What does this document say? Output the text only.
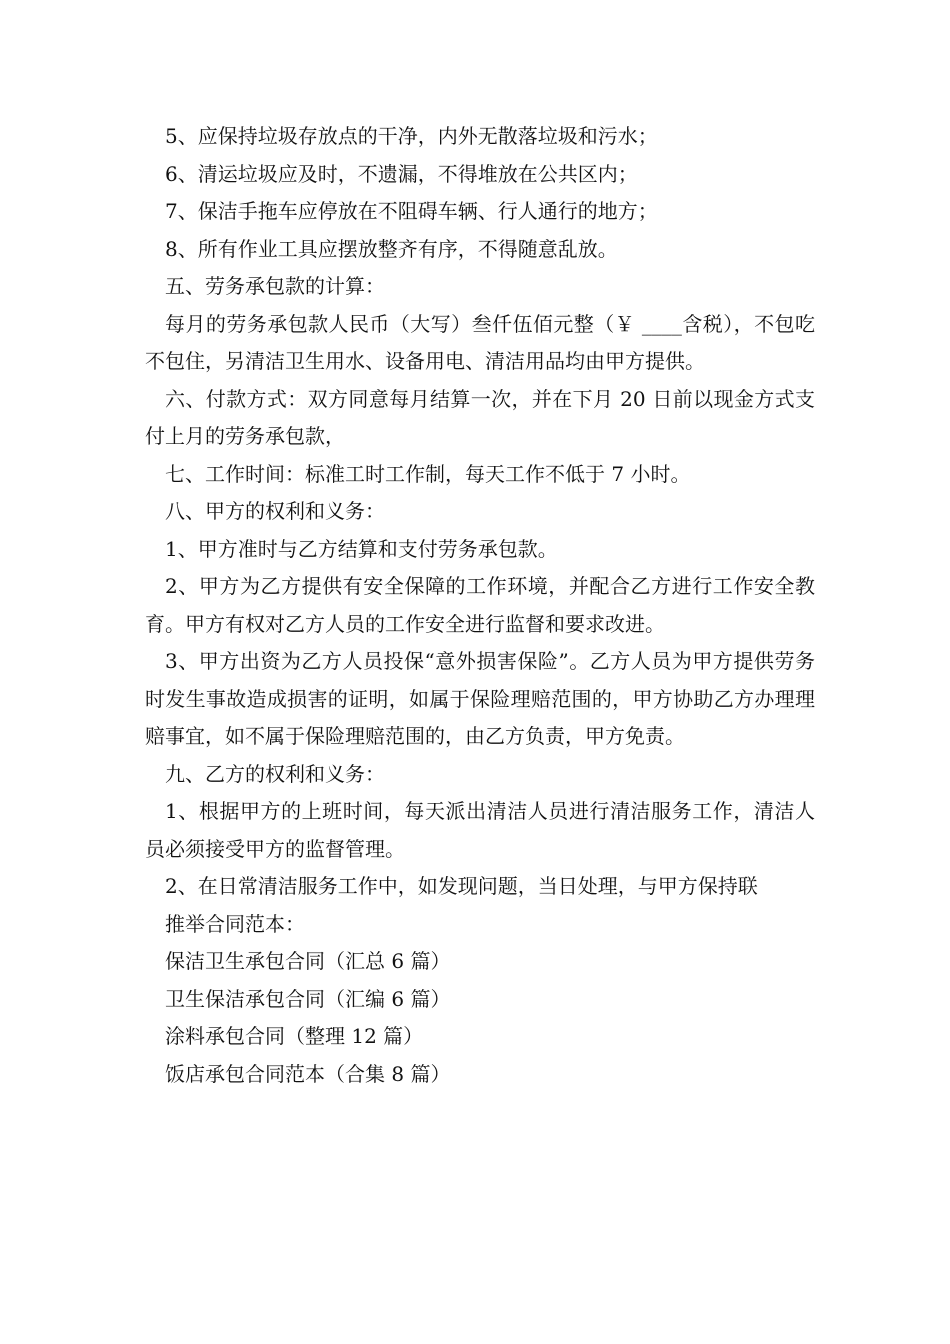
5、应保持垃圾存放点的干净，内外无散落垃圾和污水；

6、清运垃圾应及时，不遗漏，不得堆放在公共区内；

7、保洁手拖车应停放在不阻碍车辆、行人通行的地方；

8、所有作业工具应摆放整齐有序，不得随意乱放。

五、劳务承包款的计算：

每月的劳务承包款人民币（大写）叁仟伍佰元整（￥ ____含税），不包吃不包住，另清洁卫生用水、设备用电、清洁用品均由甲方提供。

六、付款方式：双方同意每月结算一次，并在下月 20 日前以现金方式支付上月的劳务承包款，

七、工作时间：标准工时工作制，每天工作不低于 7 小时。

八、甲方的权利和义务：

1、甲方准时与乙方结算和支付劳务承包款。

2、甲方为乙方提供有安全保障的工作环境，并配合乙方进行工作安全教育。甲方有权对乙方人员的工作安全进行监督和要求改进。

3、甲方出资为乙方人员投保“意外损害保险”。乙方人员为甲方提供劳务时发生事故造成损害的证明，如属于保险理赔范围的，甲方协助乙方办理理赔事宜，如不属于保险理赔范围的，由乙方负责，甲方免责。

九、乙方的权利和义务：

1、根据甲方的上班时间，每天派出清洁人员进行清洁服务工作，清洁人员必须接受甲方的监督管理。

2、在日常清洁服务工作中，如发现问题，当日处理，与甲方保持联

推举合同范本：

保洁卫生承包合同（汇总 6 篇）

卫生保洁承包合同（汇编 6 篇）

涂料承包合同（整理 12 篇）

饭店承包合同范本（合集 8 篇）
